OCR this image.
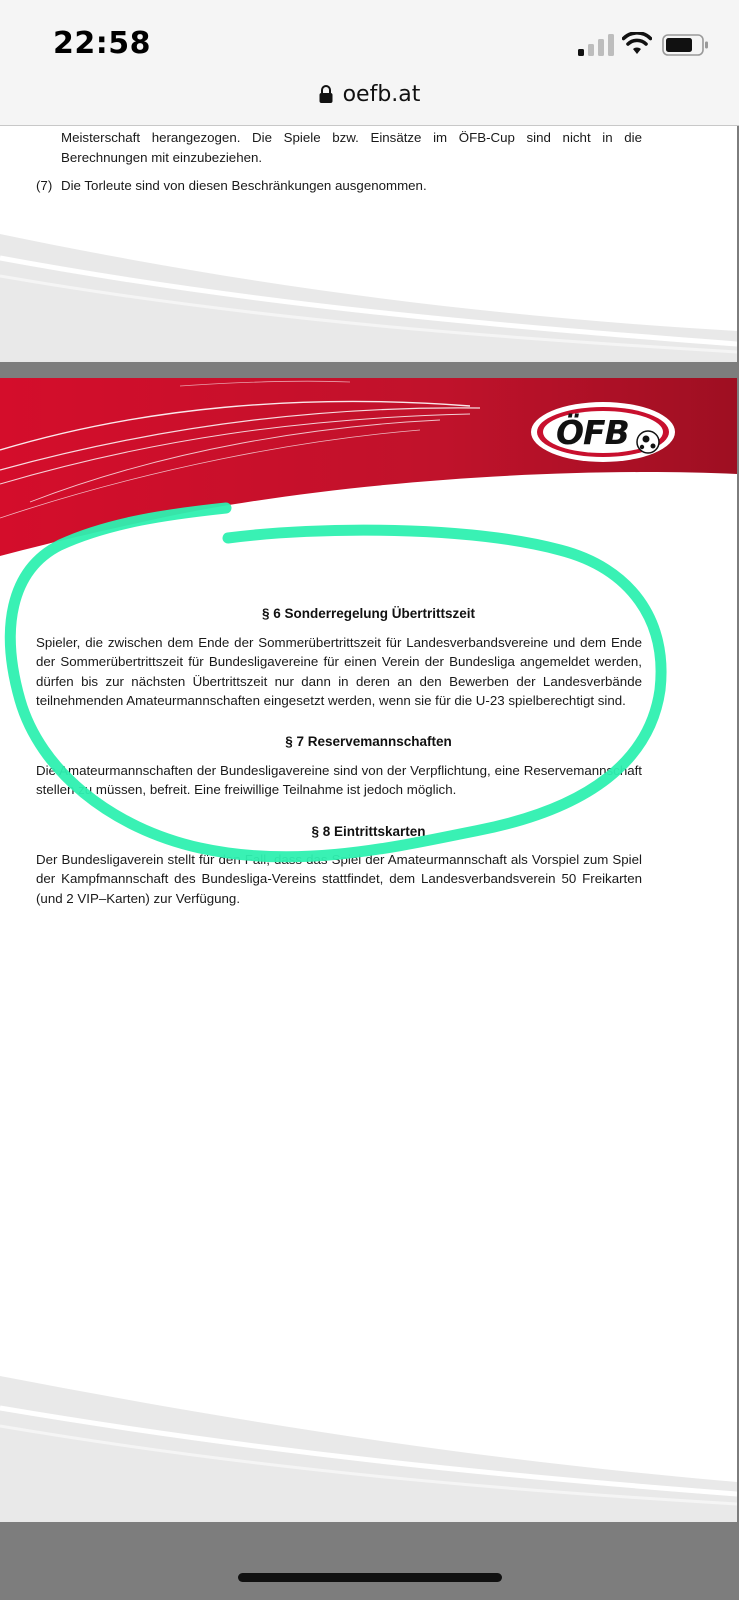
22:58
oefb.at
Meisterschaft herangezogen. Die Spiele bzw. Einsätze im ÖFB-Cup sind nicht in die
Berechnungen mit einzubeziehen.
(7) Die Torleute sind von diesen Beschränkungen ausgenommen.
ÖFB
§ 6 Sonderregelung Übertrittszeit
Spieler, die zwischen dem Ende der Sommerübertrittszeit für Landesverbandsvereine und dem Ende der Sommerübertrittszeit für Bundesligavereine für einen Verein der Bundesliga angemeldet werden, dürfen bis zur nächsten Übertrittszeit nur dann in deren an den Bewerben der Landesverbände teilnehmenden Amateurmannschaften eingesetzt werden, wenn sie für die U-23 spielberechtigt sind.
§ 7 Reservemannschaften
Die Amateurmannschaften der Bundesligavereine sind von der Verpflichtung, eine Reservemannschaft stellen zu müssen, befreit. Eine freiwillige Teilnahme ist jedoch möglich.
§ 8 Eintrittskarten
Der Bundesligaverein stellt für den Fall, dass das Spiel der Amateurmannschaft als Vorspiel zum Spiel der Kampfmannschaft des Bundesliga-Vereins stattfindet, dem Landesverbandsverein 50 Freikarten (und 2 VIP–Karten) zur Verfügung.
